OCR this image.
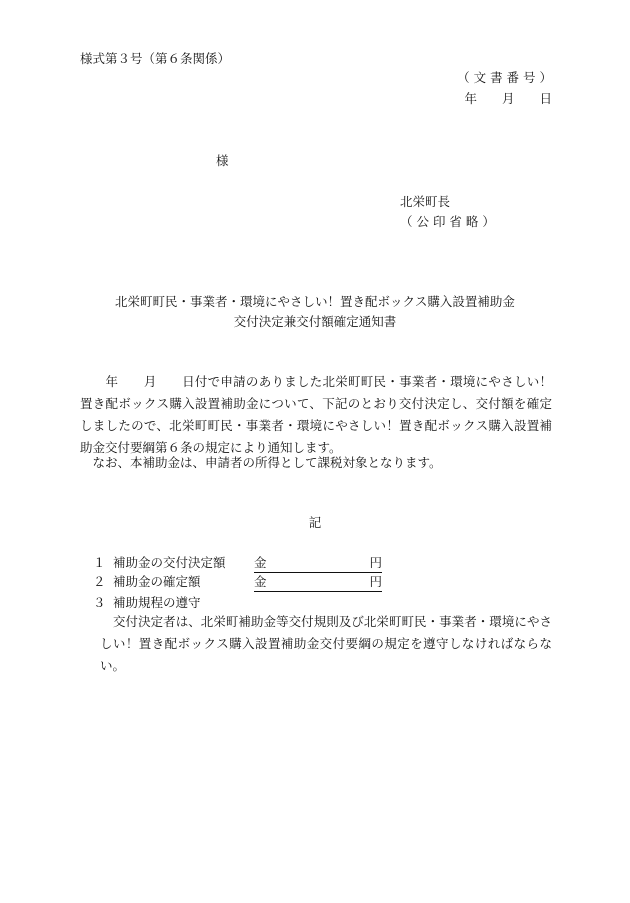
様式第３号（第６条関係）
（ 文 書 番 号 ）
年　　月　　日
様
北栄町長
（ 公 印 省 略 ）
北栄町町民・事業者・環境にやさしい！置き配ボックス購入設置補助金
交付決定兼交付額確定通知書
　　年　　月　　日付で申請のありました北栄町町民・事業者・環境にやさしい！置き配ボックス購入設置補助金について、下記のとおり交付決定し、交付額を確定しましたので、北栄町町民・事業者・環境にやさしい！置き配ボックス購入設置補助金交付要綱第６条の規定により通知します。
　なお、本補助金は、申請者の所得として課税対象となります。
記
１ 補助金の交付決定額 金	円
２ 補助金の確定額	金	円
３ 補助規程の遵守
交付決定者は、北栄町補助金等交付規則及び北栄町町民・事業者・環境にやさしい！置き配ボックス購入設置補助金交付要綱の規定を遵守しなければならない。
